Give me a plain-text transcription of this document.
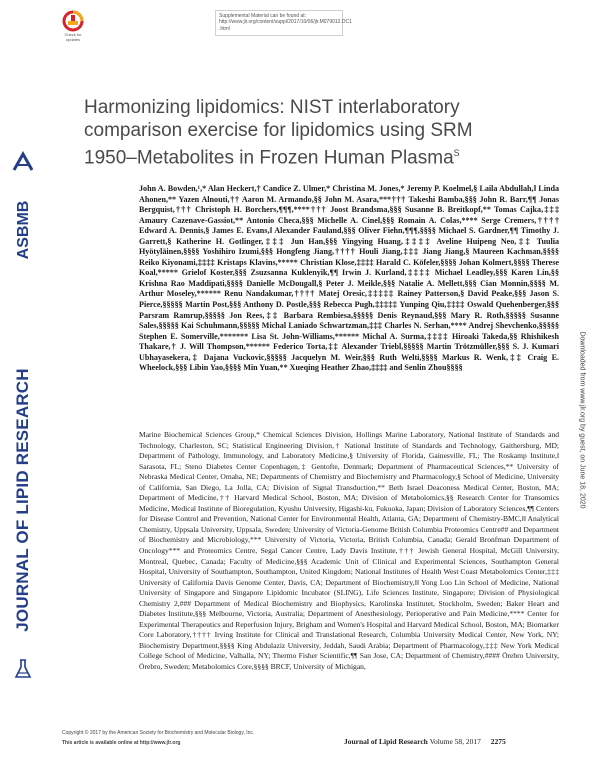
Check for updates
Supplemental Material can be found at:
http://www.jlr.org/content/suppl/2017/10/06/jlr.M079012.DC1
.html
ASBMB
JOURNAL OF LIPID RESEARCH	Downloaded from www.jlr.org by guest, on June 18, 2020
Harmonizing lipidomics: NIST interlaboratory comparison exercise for lipidomics using SRM 1950–Metabolites in Frozen Human Plasma$^S$

John A. Bowden,¹,* Alan Heckert,† Candice Z. Ulmer,* Christina M. Jones,* Jeremy P. Koelmel,§ Laila Abdullah,‖ Linda Ahonen,** Yazen Alnouti,†† Aaron M. Armando,§§ John M. Asara,***††† Takeshi Bamba,§§§ John R. Barr,¶¶ Jonas Bergquist,††† Christoph H. Borchers,¶¶¶,****††† Joost Brandsma,§§§ Susanne B. Breitkopf,** Tomas Cajka,‡‡‡ Amaury Cazenave-Gassiot,** Antonio Checa,§§§ Michelle A. Cinel,§§§ Romain A. Colas,**** Serge Cremers,†††† Edward A. Dennis,§ James E. Evans,‖ Alexander Fauland,§§§ Oliver Fiehn,¶¶¶,§§§§ Michael S. Gardner,¶¶ Timothy J. Garrett,§ Katherine H. Gotlinger,‡‡‡ Jun Han,§§§ Yingying Huang,‡‡‡‡ Aveline Huipeng Neo,‡‡ Tuulia Hyötyläinen,§§§§ Yoshihiro Izumi,§§§ Hongfeng Jiang,†††† Houli Jiang,‡‡‡ Jiang Jiang,§ Maureen Kachman,§§§§ Reiko Kiyonami,‡‡‡‡ Kristaps Klavins,***** Christian Klose,‡‡‡‡ Harald C. Köfeler,§§§§ Johan Kolmert,§§§§ Therese Koal,***** Grielof Koster,§§§ Zsuzsanna Kuklenyik,¶¶ Irwin J. Kurland,‡‡‡‡ Michael Leadley,§§§ Karen Lin,§§ Krishna Rao Maddipati,§§§§ Danielle McDougall,§ Peter J. Meikle,§§§ Natalie A. Mellett,§§§ Cian Monnin,§§§§ M. Arthur Moseley,****** Renu Nandakumar,†††† Matej Oresic,‡‡‡‡‡ Rainey Patterson,§ David Peake,§§§ Jason S. Pierce,§§§§§ Martin Post,§§§ Anthony D. Postle,§§§ Rebecca Pugh,‡‡‡‡‡ Yunping Qiu,‡‡‡‡ Oswald Quehenberger,§§§ Parsram Ramrup,§§§§§ Jon Rees,‡‡ Barbara Rembiesa,§§§§§ Denis Reynaud,§§§ Mary R. Roth,§§§§§ Susanne Sales,§§§§§ Kai Schuhmann,§§§§§ Michal Laniado Schwartzman,‡‡‡ Charles N. Serhan,**** Andrej Shevchenko,§§§§§ Stephen E. Somerville,******* Lisa St. John-Williams,****** Michal A. Surma,‡‡‡‡ Hiroaki Takeda,§§ Rhishikesh Thakare,† J. Will Thompson,****** Federico Torta,‡‡ Alexander Triebl,§§§§§ Martin Trötzmüller,§§§ S. J. Kumari Ubhayasekera,‡ Dajana Vuckovic,§§§§§ Jacquelyn M. Weir,§§§ Ruth Welti,§§§§ Markus R. Wenk,‡‡ Craig E. Wheelock,§§§ Libin Yao,§§§§ Min Yuan,** Xueqing Heather Zhao,‡‡‡‡ and Senlin Zhou§§§§

Marine Biochemical Sciences Group,* Chemical Sciences Division, Hollings Marine Laboratory, National Institute of Standards and Technology, Charleston, SC; Statistical Engineering Division,† National Institute of Standards and Technology, Gaithersburg, MD; Department of Pathology, Immunology, and Laboratory Medicine,§ University of Florida, Gainesville, FL; The Roskamp Institute,‖ Sarasota, FL; Steno Diabetes Center Copenhagen,‡ Gentofte, Denmark; Department of Pharmaceutical Sciences,** University of Nebraska Medical Center, Omaha, NE; Departments of Chemistry and Biochemistry and Pharmacology,§ School of Medicine, University of California, San Diego, La Jolla, CA; Division of Signal Transduction,** Beth Israel Deaconess Medical Center, Boston, MA; Department of Medicine,†† Harvard Medical School, Boston, MA; Division of Metabolomics,§§ Research Center for Transomics Medicine, Medical Institute of Bioregulation, Kyushu University, Higashi-ku, Fukuoka, Japan; Division of Laboratory Sciences,¶¶ Centers for Disease Control and Prevention, National Center for Environmental Health, Atlanta, GA; Department of Chemistry-BMC,‖‖ Analytical Chemistry, Uppsala University, Uppsala, Sweden; University of Victoria-Genome British Columbia Proteomics Centre## and Department of Biochemistry and Microbiology,*** University of Victoria, Victoria, British Columbia, Canada; Gerald Bronfman Department of Oncology*** and Proteomics Centre, Segal Cancer Centre, Lady Davis Institute,††† Jewish General Hospital, McGill University, Montreal, Quebec, Canada; Faculty of Medicine,§§§ Academic Unit of Clinical and Experimental Sciences, Southampton General Hospital, University of Southampton, Southampton, United Kingdom; National Institutes of Health West Coast Metabolomics Center,‡‡‡ University of California Davis Genome Center, Davis, CA; Department of Biochemistry,‖‖ Yong Loo Lin School of Medicine, National University of Singapore and Singapore Lipidomic Incubator (SLING), Life Sciences Institute, Singapore; Division of Physiological Chemistry 2,### Department of Medical Biochemistry and Biophysics, Karolinska Institutet, Stockholm, Sweden; Baker Heart and Diabetes Institute,§§§ Melbourne, Victoria, Australia; Department of Anesthesiology, Perioperative and Pain Medicine,**** Center for Experimental Therapeutics and Reperfusion Injury, Brigham and Women's Hospital and Harvard Medical School, Boston, MA; Biomarker Core Laboratory,†††† Irving Institute for Clinical and Translational Research, Columbia University Medical Center, New York, NY; Biochemistry Department,§§§§ King Abdulaziz University, Jeddah, Saudi Arabia; Department of Pharmacology,‡‡‡ New York Medical College School of Medicine, Valhalla, NY; Thermo Fisher Scientific,¶¶ San Jose, CA; Department of Chemistry,#### Örebro University, Örebro, Sweden; Metabolomics Core,§§§§ BRCF, University of Michigan,

Copyright © 2017 by the American Society for Biochemistry and Molecular Biology, Inc.
This article is available online at http://www.jlr.org	Journal of Lipid Research Volume 58, 2017 2275
